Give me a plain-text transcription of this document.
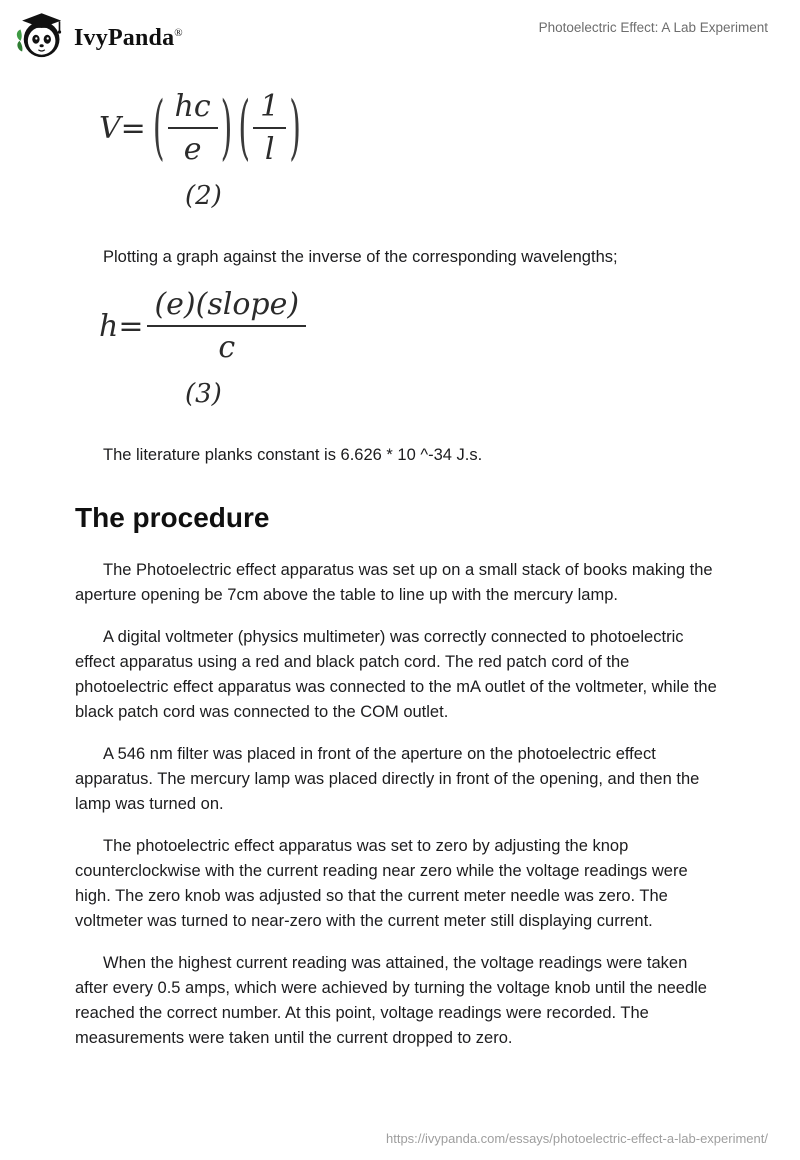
IvyPanda®	Photoelectric Effect: A Lab Experiment
V= ( $\frac{hc}{e}$ ) ( $\frac{1}{l}$ )
(2)

Plotting a graph against the inverse of the corresponding wavelengths;

$h= \frac{\text{(e)(slope)}}{c}$
(3)

The literature planks constant is 6.626 * 10 ^-34 J.s.

The procedure

The Photoelectric effect apparatus was set up on a small stack of books making the aperture opening be 7cm above the table to line up with the mercury lamp.

A digital voltmeter (physics multimeter) was correctly connected to photoelectric effect apparatus using a red and black patch cord. The red patch cord of the photoelectric effect apparatus was connected to the mA outlet of the voltmeter, while the black patch cord was connected to the COM outlet.

A 546 nm filter was placed in front of the aperture on the photoelectric effect apparatus. The mercury lamp was placed directly in front of the opening, and then the lamp was turned on.

The photoelectric effect apparatus was set to zero by adjusting the knop counterclockwise with the current reading near zero while the voltage readings were high. The zero knob was adjusted so that the current meter needle was zero. The voltmeter was turned to near-zero with the current meter still displaying current.

When the highest current reading was attained, the voltage readings were taken after every 0.5 amps, which were achieved by turning the voltage knob until the needle reached the correct number. At this point, voltage readings were recorded. The measurements were taken until the current dropped to zero.

https://ivypanda.com/essays/photoelectric-effect-a-lab-experiment/
